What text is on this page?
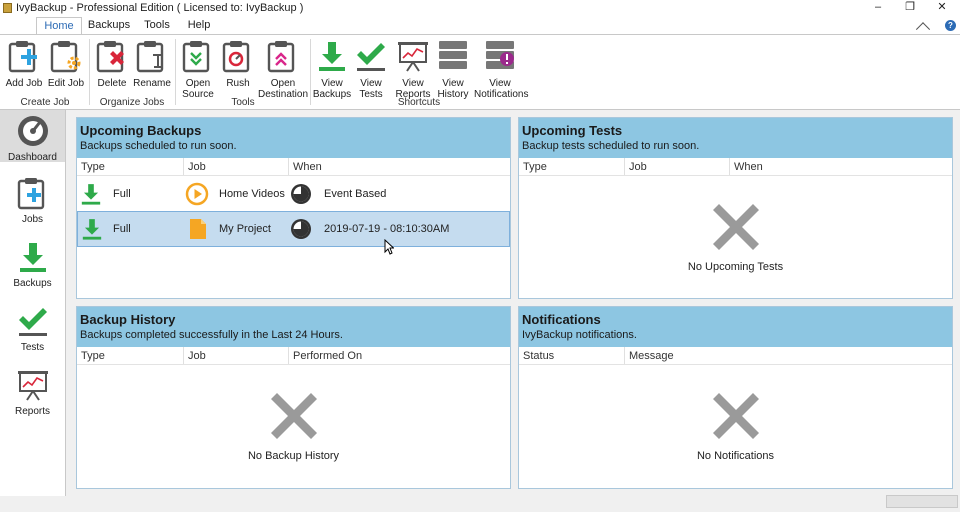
IvyBackup - Professional Edition ( Licensed to: IvyBackup )	–	❐	✕
Home	Backups	Tools	Help	?
Add Job Edit Job
Create Job
Delete Rename
Organize Jobs
Open
Source
Rush	Open
Destination
Tools
View
Backups
View
Tests
View
Reports
View
History
View
Notifications
Shortcuts
Dashboard
Jobs
Backups
Tests
Reports
Upcoming Backups
Backups scheduled to run soon.
Type	Job	When
Full	Home Videos	Event Based
Full	My Project	2019-07-19 - 08:10:30AM
Upcoming Tests
Backup tests scheduled to run soon.
Type	Job	When
No Upcoming Tests
Backup History
Backups completed successfully in the Last 24 Hours.
Type	Job	Performed On
No Backup History
Notifications
IvyBackup notifications.
Status	Message
No Notifications
